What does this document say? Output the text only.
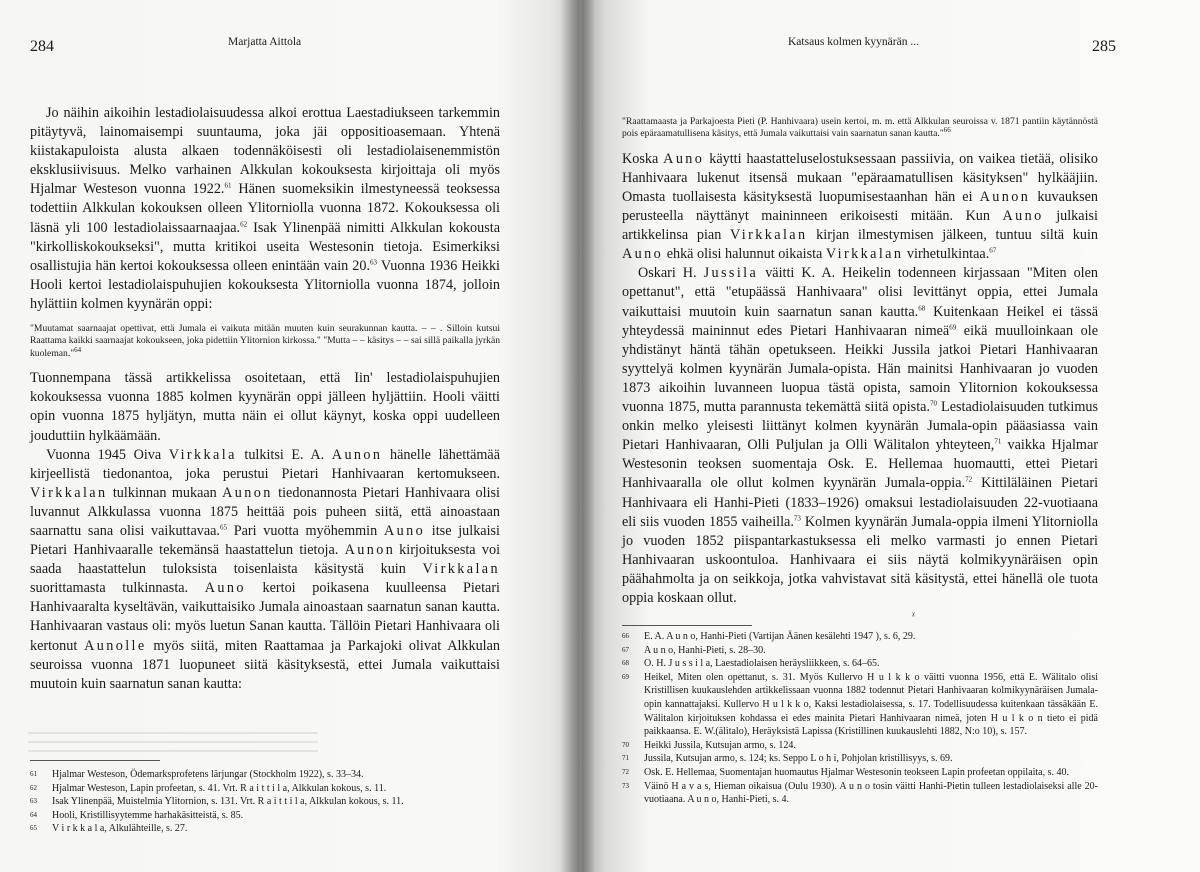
284	Marjatta Aittola

Jo näihin aikoihin lestadiolaisuudessa alkoi erottua Laestadiukseen tarkemmin pitäytyvä, lainomaisempi suuntauma, joka jäi oppositioasemaan. Yhtenä kiistakapuloista alusta alkaen todennäköisesti oli lestadiolaisenemmistön eksklusiivisuus. Melko varhainen Alkkulan kokouksesta kirjoittaja oli myös Hjalmar Westeson vuonna 1922.61 Hänen suomeksikin ilmestyneessä teoksessa todettiin Alkkulan kokouksen olleen Ylitorniolla vuonna 1872. Kokouksessa oli läsnä yli 100 lestadiolaissaarnaajaa.$^{62}$ Isak Ylinenpää nimitti Alkkulan kokousta "kirkolliskokoukseksi", mutta kritikoi useita Westesonin tietoja. Esimerkiksi osallistujia hän kertoi kokouksessa olleen enintään vain 20.63 Vuonna 1936 Heikki Hooli kertoi lestadiolaispuhujien kokouksesta Ylitorniolla vuonna 1874, jolloin hylättiin kolmen kyynärän oppi:

"Muutamat saarnaajat opettivat, että Jumala ei vaikuta mitään muuten kuin seurakunnan kautta. – – . Silloin kutsui Raattama kaikki saarnaajat kokoukseen, joka pidettiin Ylitornion kirkossa." "Mutta – – käsitys – – sai sillä paikalla jyrkän kuoleman."$^{64}$

Tuonnempana tässä artikkelissa osoitetaan, että Iin' lestadiolaispuhujien kokouksessa vuonna 1885 kolmen kyynärän oppi jälleen hyljättiin. Hooli väitti opin vuonna 1875 hyljätyn, mutta näin ei ollut käynyt, koska oppi uudelleen jouduttiin hylkäämään.

Vuonna 1945 Oiva Virkkala tulkitsi E. A. Aunon hänelle lähettämää kirjeellistä tiedonantoa, joka perustui Pietari Hanhivaaran kertomukseen. Virkkalan tulkinnan mukaan Aunon tiedonannosta Pietari Hanhivaara olisi luvannut Alkkulassa vuonna 1875 heittää pois puheen siitä, että ainoastaan saarnattu sana olisi vaikuttavaa.$^{65}$ Pari vuotta myöhemmin Auno itse julkaisi Pietari Hanhivaaralle tekemänsä haastattelun tietoja. Aunon kirjoituksesta voi saada haastattelun tuloksista toisenlaista käsitystä kuin Virkkalan suorittamasta tulkinnasta. Auno kertoi poikasena kuulleensa Pietari Hanhivaaralta kyseltävän, vaikuttaisiko Jumala ainoastaan saarnatun sanan kautta. Hanhivaaran vastaus oli: myös luetun Sanan kautta. Tällöin Pietari Hanhivaara oli kertonut Aunolle myös siitä, miten Raattamaa ja Parkajoki olivat Alkkulan seuroissa vuonna 1871 luopuneet siitä käsityksestä, ettei Jumala vaikuttaisi muutoin kuin saarnatun sanan kautta:

61	Hjalmar Westeson, Ödemarksprofetens lärjungar (Stockholm 1922), s. 33–34.
62	Hjalmar Westeson, Lapin profeetan, s. 41. Vrt. R a i t t i l a, Alkkulan kokous, s. 11.
63	Isak Ylinenpää, Muistelmia Ylitornion, s. 131. Vrt. R a i t t i l a, Alkkulan kokous, s. 11.
64	Hooli, Kristillisyytemme harhakäsitteistä, s. 85.
65	V i r k k a l a, Alkulähteille, s. 27.
Katsaus kolmen kyynärän ...	285
"Raattamaasta ja Parkajoesta Pieti (P. Hanhivaara) usein kertoi, m. m. että Alkkulan seuroissa v. 1871 pantiin käytännöstä pois epäraamatullisena käsitys, että Jumala vaikuttaisi vain saarnatun sanan kautta."$^{66}$

Koska Auno käytti haastatteluselostuksessaan passiivia, on vaikea tietää, olisiko Hanhivaara lukenut itsensä mukaan "epäraamatullisen käsityksen" hylkääjiin. Omasta tuollaisesta käsityksestä luopumisestaanhan hän ei Aunon kuvauksen perusteella näyttänyt maininneen erikoisesti mitään. Kun Auno julkaisi artikkelinsa pian Virkkalan kirjan ilmestymisen jälkeen, tuntuu siltä kuin Auno ehkä olisi halunnut oikaista Virkkalan virhetulkintaa.$^{67}$

Oskari H. Jussila väitti K. A. Heikelin todenneen kirjassaan "Miten olen opettanut", että "etupäässä Hanhivaara" olisi levittänyt oppia, ettei Jumala vaikuttaisi muutoin kuin saarnatun sanan kautta.$^{68}$ Kuitenkaan Heikel ei tässä yhteydessä maininnut edes Pietari Hanhivaaran nimeä$^{69}$ eikä muulloinkaan ole yhdistänyt häntä tähän opetukseen. Heikki Jussila jatkoi Pietari Hanhivaaran syyttelyä kolmen kyynärän Jumala-opista. Hän mainitsi Hanhivaaran jo vuoden 1873 aikoihin luvanneen luopua tästä opista, samoin Ylitornion kokouksessa vuonna 1875, mutta parannusta tekemättä siitä opista.$^{70}$ Lestadiolaisuuden tutkimus onkin melko yleisesti liittänyt kolmen kyynärän Jumala-opin pääasiassa vain Pietari Hanhivaaran, Olli Puljulan ja Olli Wälitalon yhteyteen,$^{71}$ vaikka Hjalmar Westesonin teoksen suomentaja Osk. E. Hellemaa huomautti, ettei Pietari Hanhivaaralla ole ollut kolmen kyynärän Jumala-oppia.$^{72}$ Kittiläläinen Pietari Hanhivaara eli Hanhi-Pieti (1833–1926) omaksui lestadiolaisuuden 22-vuotiaana eli siis vuoden 1855 vaiheilla.$^{73}$ Kolmen kyynärän Jumala-oppia ilmeni Ylitorniolla jo vuoden 1852 piispantarkastuksessa eli melko varmasti jo ennen Pietari Hanhivaaran uskoontuloa. Hanhivaara ei siis näytä kolmikyynäräisen opin päähahmolta ja on seikkoja, jotka vahvistavat sitä käsitystä, ettei hänellä ole tuota oppia koskaan ollut.

ᵡ
66	E. A. A u n o, Hanhi-Pieti (Vartijan Äänen kesälehti 1947 ), s. 6, 29.
67	A u n o, Hanhi-Pieti, s. 28–30.
68	O. H. J u s s i l a, Laestadiolaisen heräysliikkeen, s. 64–65.
69	Heikel, Miten olen opettanut, s. 31. Myös Kullervo H u l k k o väitti vuonna 1956, että E. Wälitalo olisi Kristillisen kuukauslehden artikkelissaan vuonna 1882 todennut Pietari Hanhivaaran kolmikyynäräisen Jumala-opin kannattajaksi. Kullervo H u l k k o, Kaksi lestadiolaisessa, s. 17. Todellisuudessa kuitenkaan tässäkään E. Wälitalon kirjoituksen kohdassa ei edes mainita Pietari Hanhivaaran nimeä, joten H u l k o n tieto ei pidä paikkaansa. E. W.(älitalo), Heräyksistä Lapissa (Kristillinen kuukauslehti 1882, N:o 10), s. 157.
70	Heikki Jussila, Kutsujan armo, s. 124.
71	Jussila, Kutsujan armo, s. 124; ks. Seppo L o h i, Pohjolan kristillisyys, s. 69.
72	Osk. E. Hellemaa, Suomentajan huomautus Hjalmar Westesonin teokseen Lapin profeetan oppilaita, s. 40.
73	Väinö H a v a s, Hieman oikaisua (Oulu 1930). A u n o tosin väitti Hanhi-Pietin tulleen lestadiolaiseksi alle 20-vuotiaana. A u n o, Hanhi-Pieti, s. 4.
